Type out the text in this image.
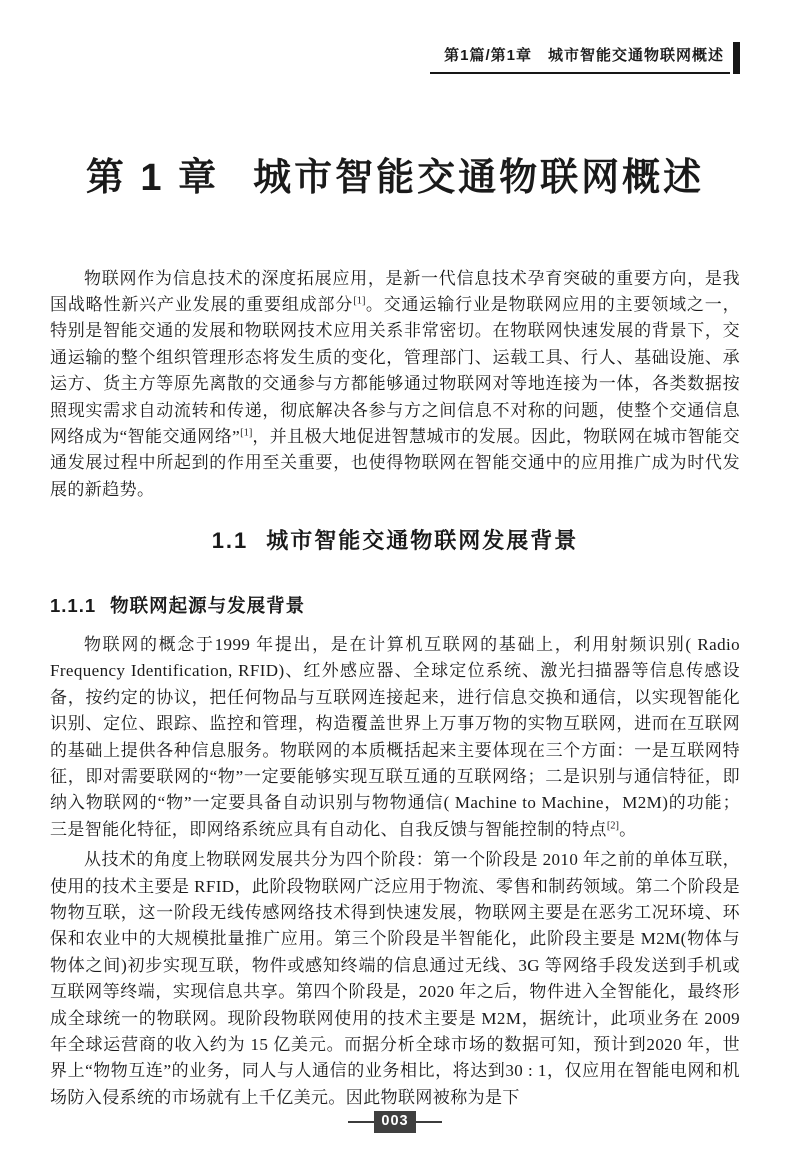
第1篇/第1章　城市智能交通物联网概述
第 1 章 城市智能交通物联网概述

物联网作为信息技术的深度拓展应用，是新一代信息技术孕育突破的重要方向，是我国战略性新兴产业发展的重要组成部分[1]。交通运输行业是物联网应用的主要领域之一，特别是智能交通的发展和物联网技术应用关系非常密切。在物联网快速发展的背景下，交通运输的整个组织管理形态将发生质的变化，管理部门、运载工具、行人、基础设施、承运方、货主方等原先离散的交通参与方都能够通过物联网对等地连接为一体，各类数据按照现实需求自动流转和传递，彻底解决各参与方之间信息不对称的问题，使整个交通信息网络成为“智能交通网络”[1]，并且极大地促进智慧城市的发展。因此，物联网在城市智能交通发展过程中所起到的作用至关重要，也使得物联网在智能交通中的应用推广成为时代发展的新趋势。

1.1 城市智能交通物联网发展背景
1.1.1 物联网起源与发展背景

物联网的概念于1999 年提出，是在计算机互联网的基础上，利用射频识别( Radio Frequency Identification, RFID)、红外感应器、全球定位系统、激光扫描器等信息传感设备，按约定的协议，把任何物品与互联网连接起来，进行信息交换和通信，以实现智能化识别、定位、跟踪、监控和管理，构造覆盖世界上万事万物的实物互联网，进而在互联网的基础上提供各种信息服务。物联网的本质概括起来主要体现在三个方面：一是互联网特征，即对需要联网的“物”一定要能够实现互联互通的互联网络；二是识别与通信特征，即纳入物联网的“物”一定要具备自动识别与物物通信( Machine to Machine，M2M)的功能；三是智能化特征，即网络系统应具有自动化、自我反馈与智能控制的特点[2]。

从技术的角度上物联网发展共分为四个阶段：第一个阶段是 2010 年之前的单体互联，使用的技术主要是 RFID，此阶段物联网广泛应用于物流、零售和制药领域。第二个阶段是物物互联，这一阶段无线传感网络技术得到快速发展，物联网主要是在恶劣工况环境、环保和农业中的大规模批量推广应用。第三个阶段是半智能化，此阶段主要是 M2M(物体与物体之间)初步实现互联，物件或感知终端的信息通过无线、3G 等网络手段发送到手机或互联网等终端，实现信息共享。第四个阶段是，2020 年之后，物件进入全智能化，最终形成全球统一的物联网。现阶段物联网使用的技术主要是 M2M，据统计，此项业务在 2009 年全球运营商的收入约为 15 亿美元。而据分析全球市场的数据可知，预计到2020 年，世界上“物物互连”的业务，同人与人通信的业务相比，将达到30 : 1，仅应用在智能电网和机场防入侵系统的市场就有上千亿美元。因此物联网被称为是下

003
